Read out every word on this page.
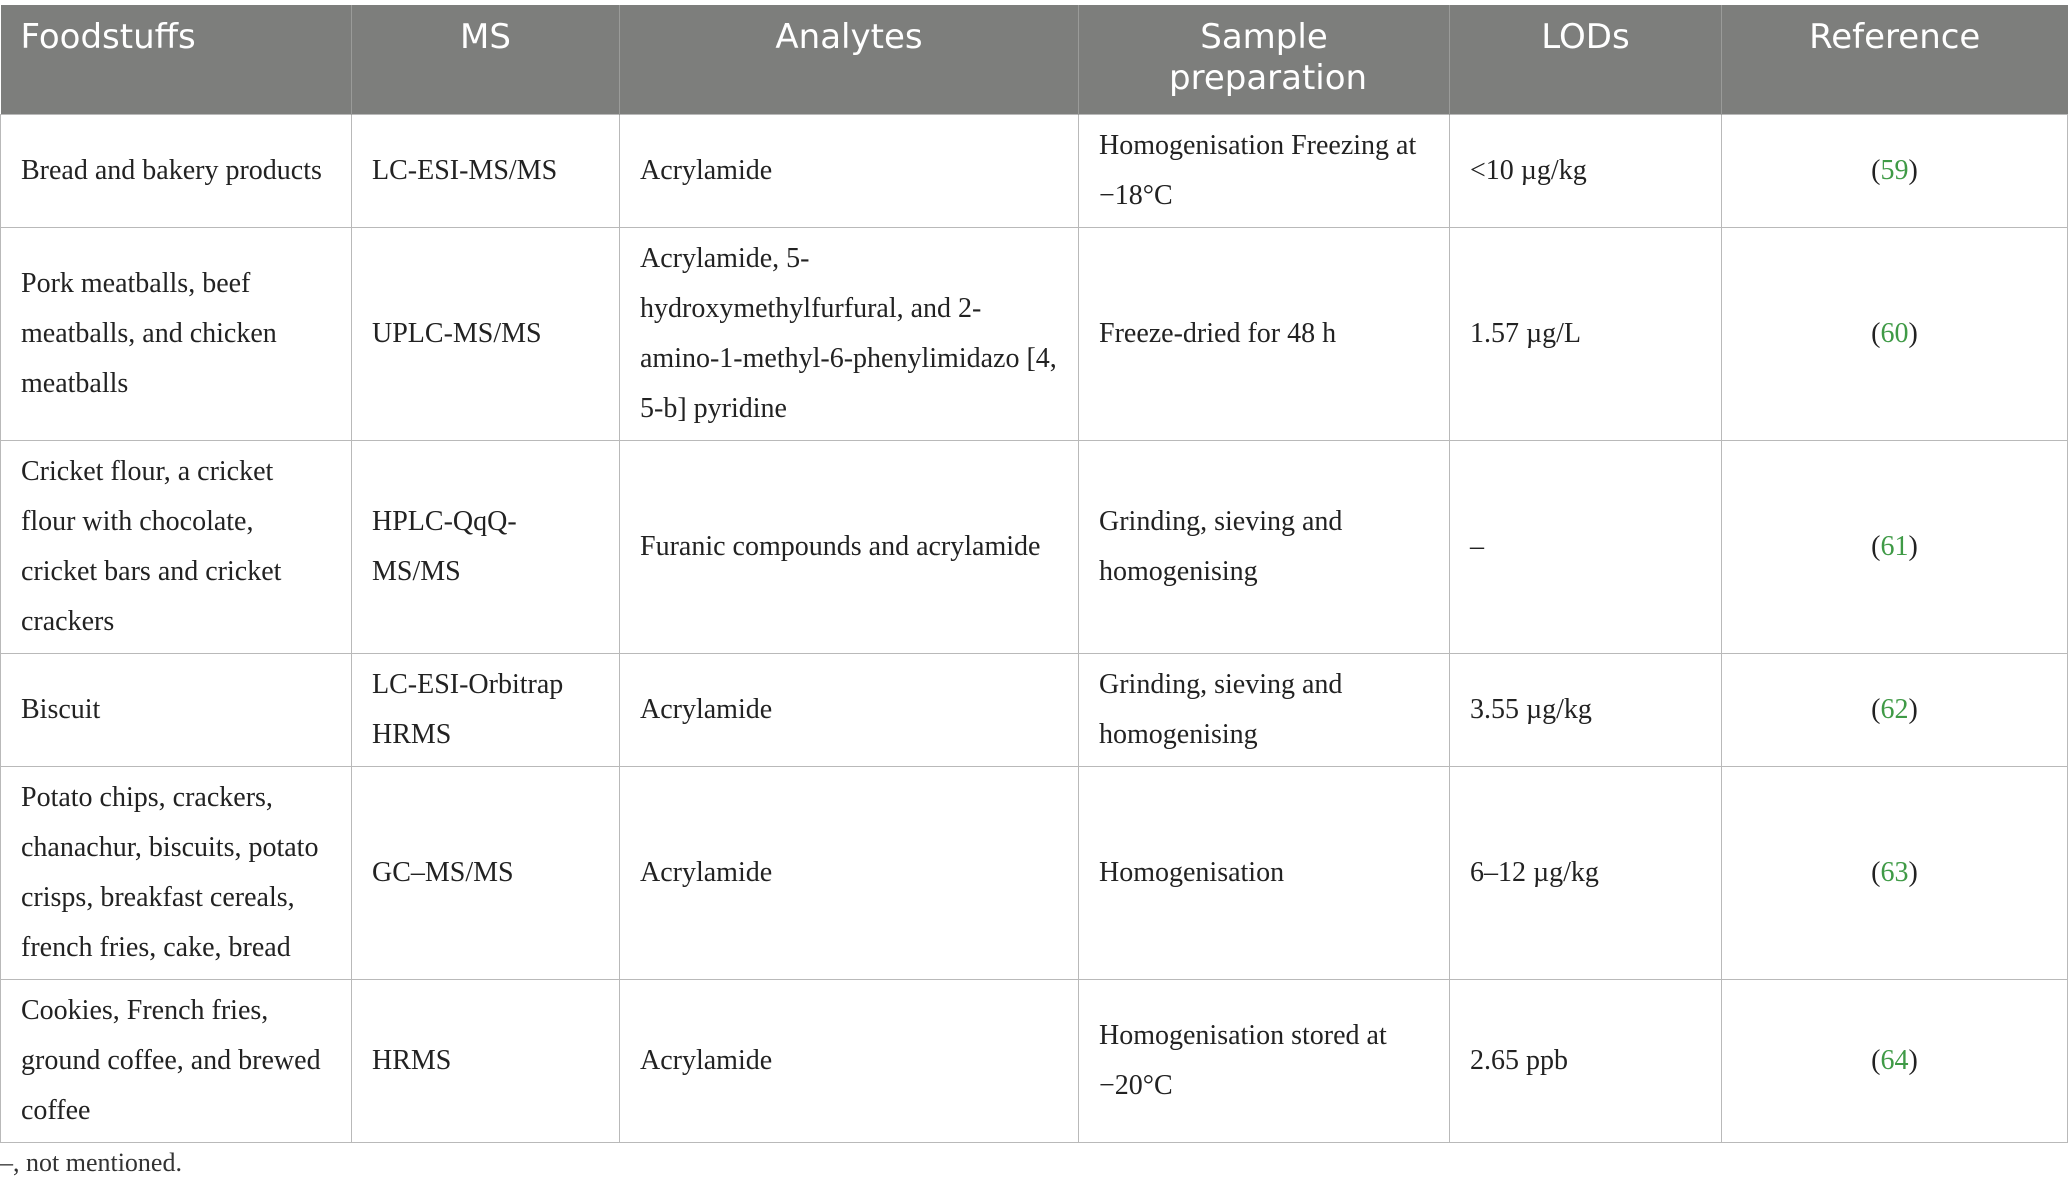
Foodstuffs	MS	Analytes	Sample preparation	LODs	Reference
Bread and bakery products	LC-ESI-MS/MS	Acrylamide	Homogenisation Freezing at −18°C	<10 µg/kg	(59)
Pork meatballs, beef meatballs, and chicken meatballs	UPLC-MS/MS	Acrylamide, 5-hydroxymethylfurfural, and 2-amino-1-methyl-6-phenylimidazo [4, 5-b] pyridine	Freeze-dried for 48 h	1.57 µg/L	(60)
Cricket flour, a cricket flour with chocolate, cricket bars and cricket crackers	HPLC-QqQ-MS/MS	Furanic compounds and acrylamide	Grinding, sieving and homogenising	–	(61)
Biscuit	LC-ESI-Orbitrap HRMS	Acrylamide	Grinding, sieving and homogenising	3.55 µg/kg	(62)
Potato chips, crackers, chanachur, biscuits, potato crisps, breakfast cereals, french fries, cake, bread	GC–MS/MS	Acrylamide	Homogenisation	6–12 µg/kg	(63)
Cookies, French fries, ground coffee, and brewed coffee	HRMS	Acrylamide	Homogenisation stored at −20°C	2.65 ppb	(64)
–, not mentioned.
